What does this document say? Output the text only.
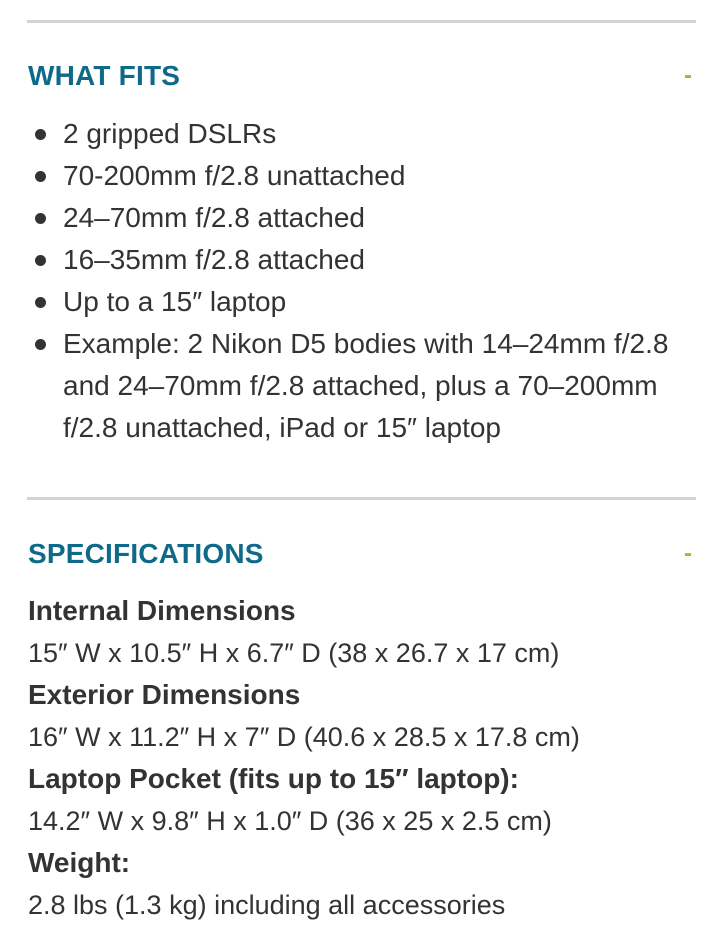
WHAT FITS	-
2 gripped DSLRs
70-200mm f/2.8 unattached
24–70mm f/2.8 attached
16–35mm f/2.8 attached
Up to a 15″ laptop
Example: 2 Nikon D5 bodies with 14–24mm f/2.8 and 24–70mm f/2.8 attached, plus a 70–200mm f/2.8 unattached, iPad or 15″ laptop
SPECIFICATIONS	-
Internal Dimensions
15″ W x 10.5″ H x 6.7″ D (38 x 26.7 x 17 cm)
Exterior Dimensions
16″ W x 11.2″ H x 7″ D (40.6 x 28.5 x 17.8 cm)
Laptop Pocket (fits up to 15″ laptop):
14.2″ W x 9.8″ H x 1.0″ D (36 x 25 x 2.5 cm)
Weight:
2.8 lbs (1.3 kg) including all accessories
